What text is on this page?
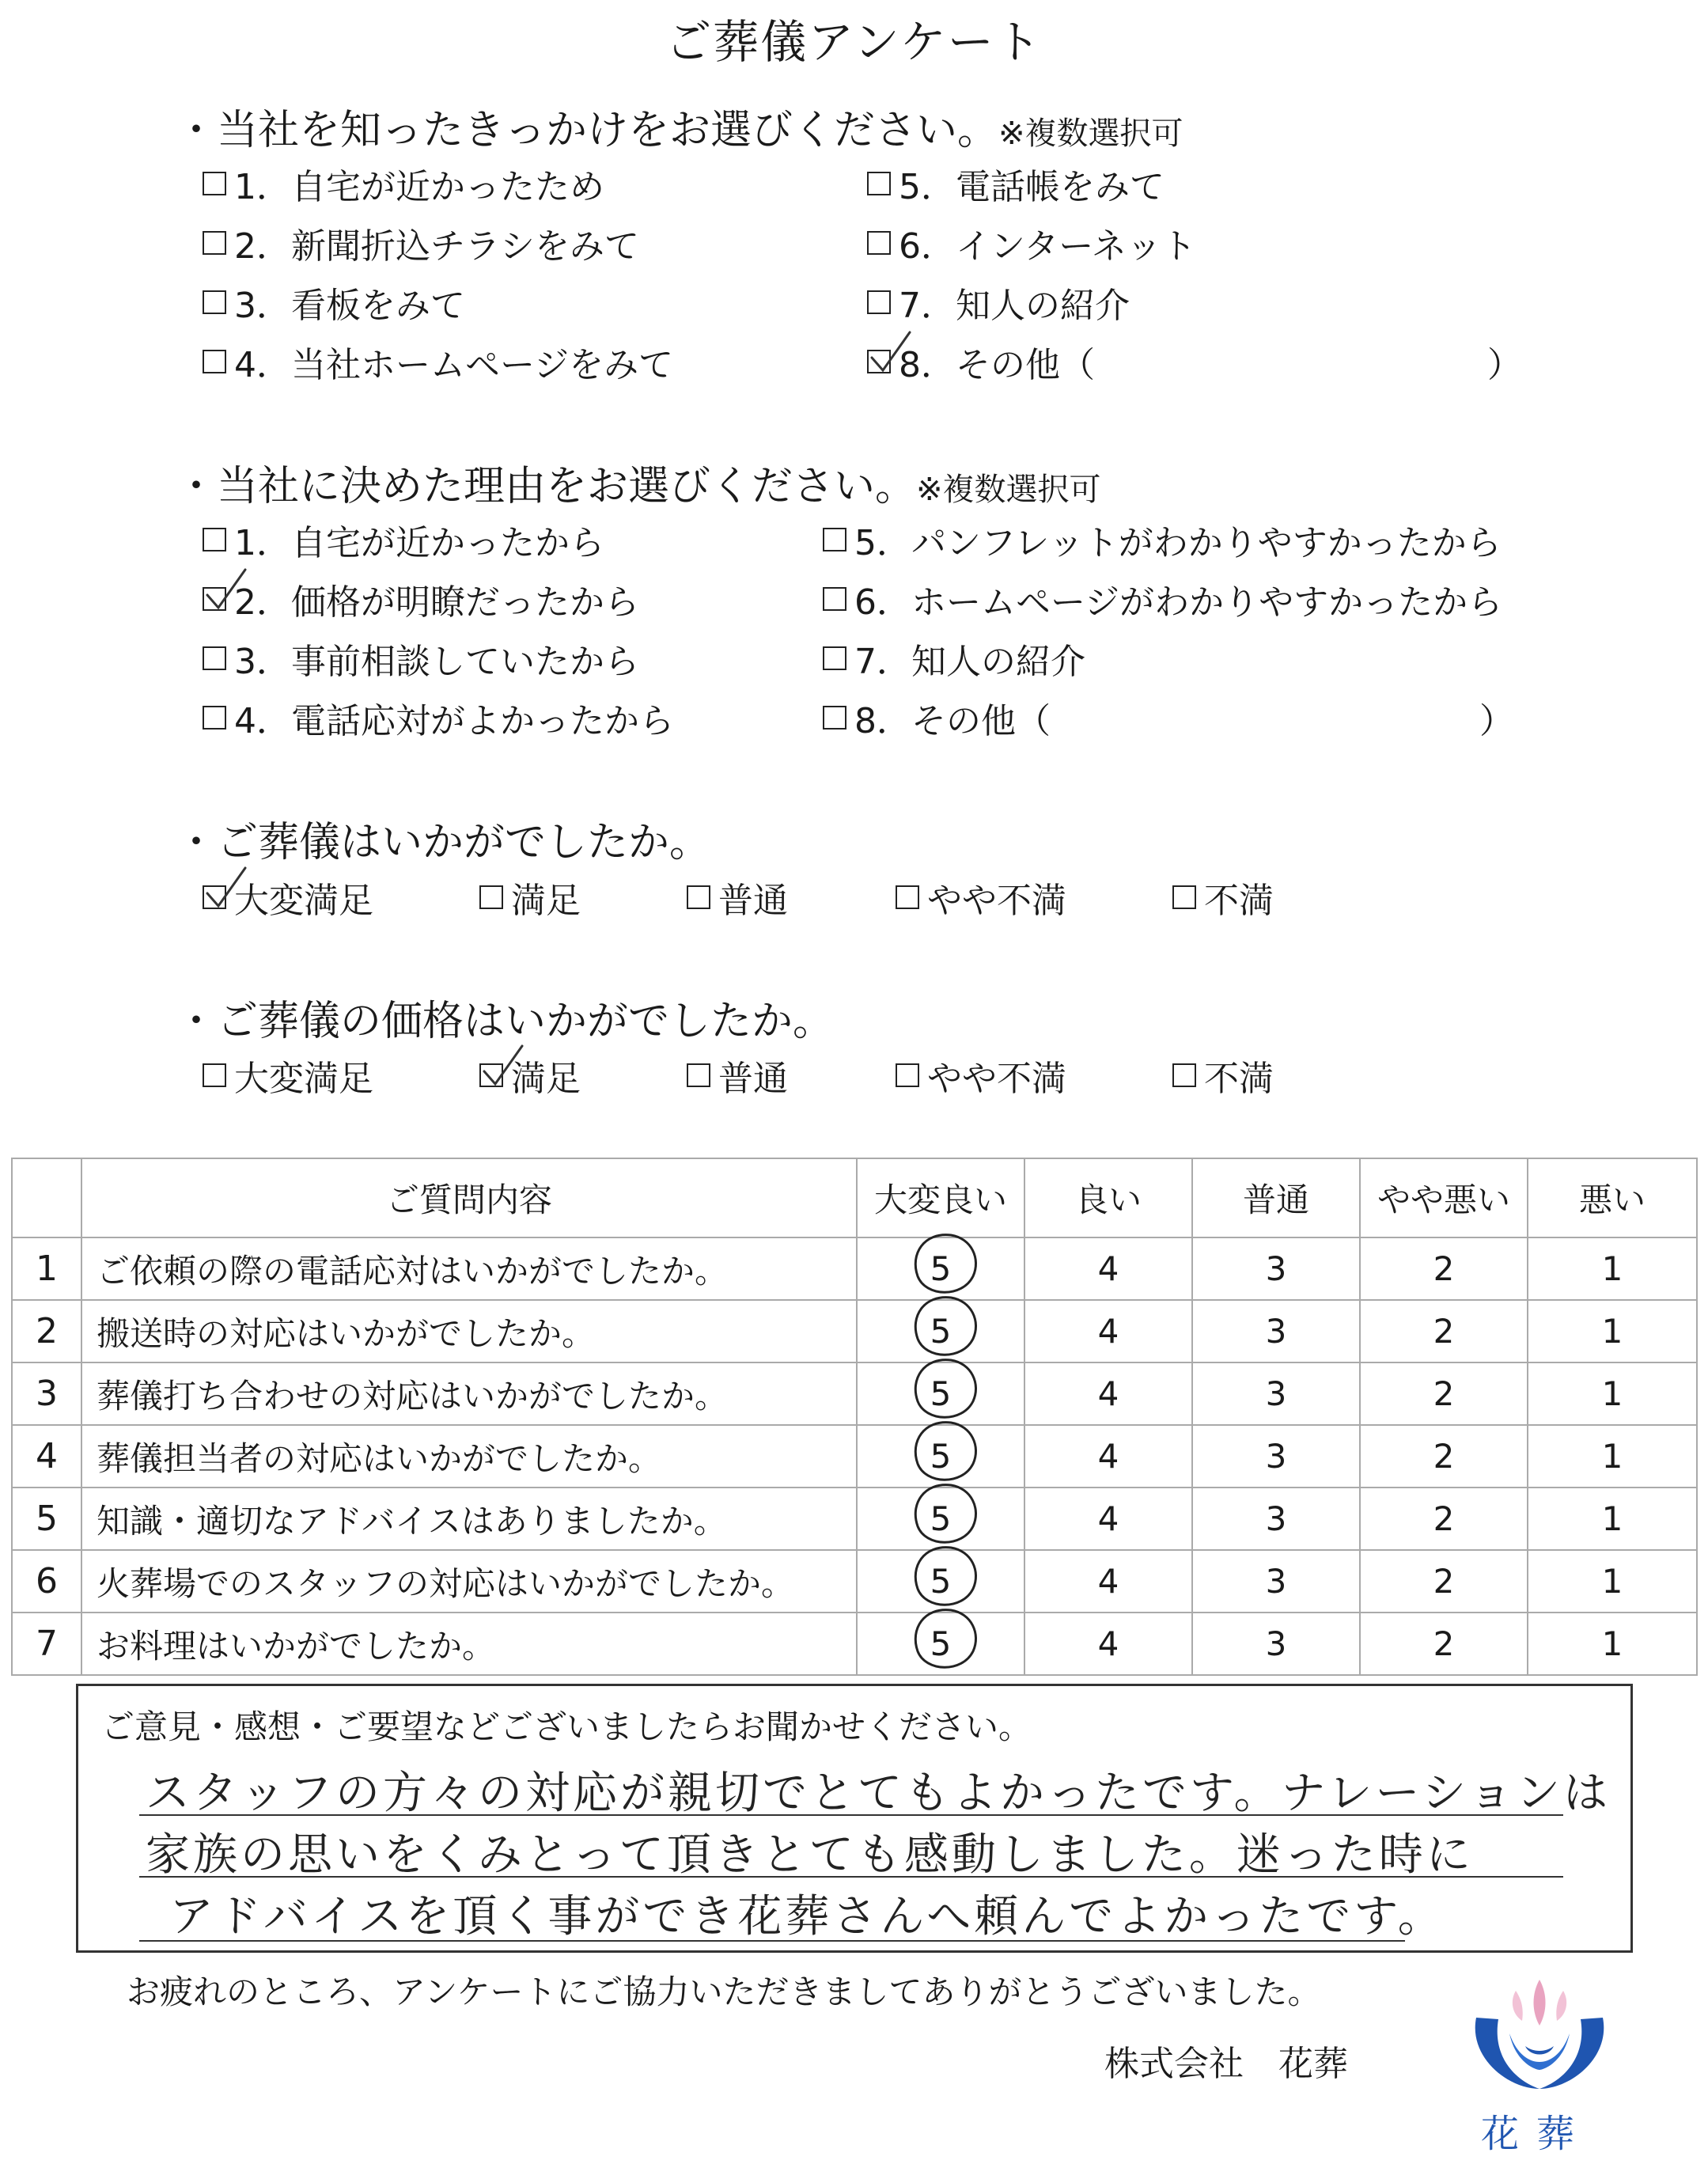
ご葬儀アンケート
・当社を知ったきっかけをお選びください。※複数選択可
1．自宅が近かったため
2．新聞折込チラシをみて
3．看板をみて
4．当社ホームページをみて
5．電話帳をみて
6．インターネット
7．知人の紹介
8．その他（	）
・当社に決めた理由をお選びください。※複数選択可
1．自宅が近かったから
2．価格が明瞭だったから
3．事前相談していたから
4．電話応対がよかったから
5．パンフレットがわかりやすかったから
6．ホームページがわかりやすかったから
7．知人の紹介
8．その他（	）
・ご葬儀はいかがでしたか。
大変満足	満足	普通	やや不満	不満
・ご葬儀の価格はいかがでしたか。
大変満足	満足	普通	やや不満	不満
	ご質問内容	大変良い	良い	普通	やや悪い	悪い
1	ご依頼の際の電話応対はいかがでしたか。	5	4	3	2	1
2	搬送時の対応はいかがでしたか。	5	4	3	2	1
3	葬儀打ち合わせの対応はいかがでしたか。	5	4	3	2	1
4	葬儀担当者の対応はいかがでしたか。	5	4	3	2	1
5	知識・適切なアドバイスはありましたか。	5	4	3	2	1
6	火葬場でのスタッフの対応はいかがでしたか。	5	4	3	2	1
7	お料理はいかがでしたか。	5	4	3	2	1
ご意見・感想・ご要望などございましたらお聞かせください。
スタッフの方々の対応が親切でとてもよかったです。ナレーションは
家族の思いをくみとって頂きとても感動しました。迷った時に
アドバイスを頂く事ができ花葬さんへ頼んでよかったです。
お疲れのところ、アンケートにご協力いただきましてありがとうございました。
株式会社　花葬
花葬
